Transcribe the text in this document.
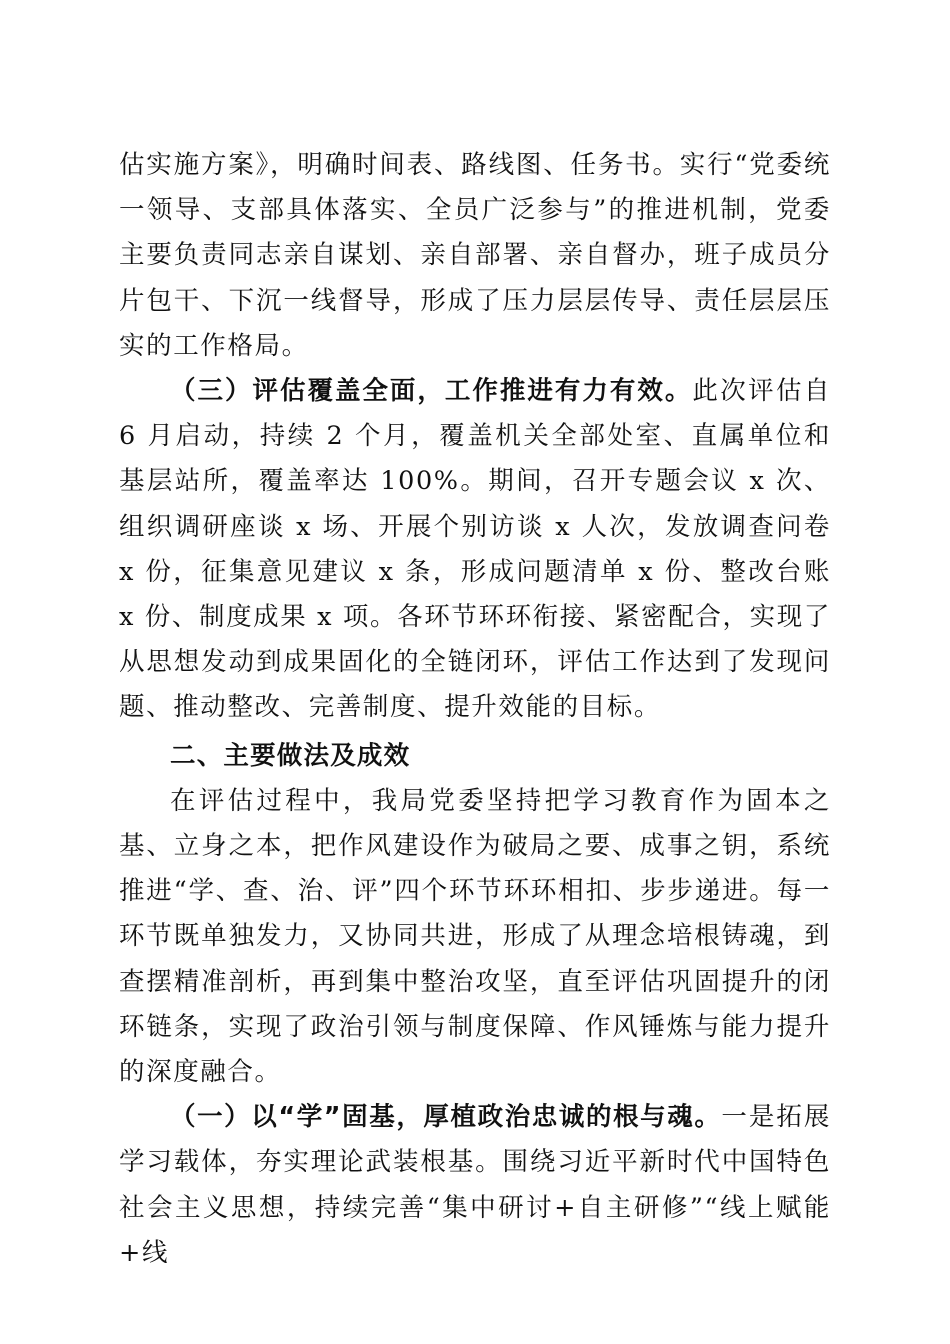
估实施方案》，明确时间表、路线图、任务书。实行“党委统一领导、支部具体落实、全员广泛参与”的推进机制，党委主要负责同志亲自谋划、亲自部署、亲自督办，班子成员分片包干、下沉一线督导，形成了压力层层传导、责任层层压实的工作格局。

（三）评估覆盖全面，工作推进有力有效。此次评估自 6 月启动，持续 2 个月，覆盖机关全部处室、直属单位和基层站所，覆盖率达 100%。期间，召开专题会议 x 次、组织调研座谈 x 场、开展个别访谈 x 人次，发放调查问卷 x 份，征集意见建议 x 条，形成问题清单 x 份、整改台账 x 份、制度成果 x 项。各环节环环衔接、紧密配合，实现了从思想发动到成果固化的全链闭环，评估工作达到了发现问题、推动整改、完善制度、提升效能的目标。

二、主要做法及成效

在评估过程中，我局党委坚持把学习教育作为固本之基、立身之本，把作风建设作为破局之要、成事之钥，系统推进“学、查、治、评”四个环节环环相扣、步步递进。每一环节既单独发力，又协同共进，形成了从理念培根铸魂，到查摆精准剖析，再到集中整治攻坚，直至评估巩固提升的闭环链条，实现了政治引领与制度保障、作风锤炼与能力提升的深度融合。

（一）以“学”固基，厚植政治忠诚的根与魂。一是拓展学习载体，夯实理论武装根基。围绕习近平新时代中国特色社会主义思想，持续完善“集中研讨+自主研修”“线上赋能+线
